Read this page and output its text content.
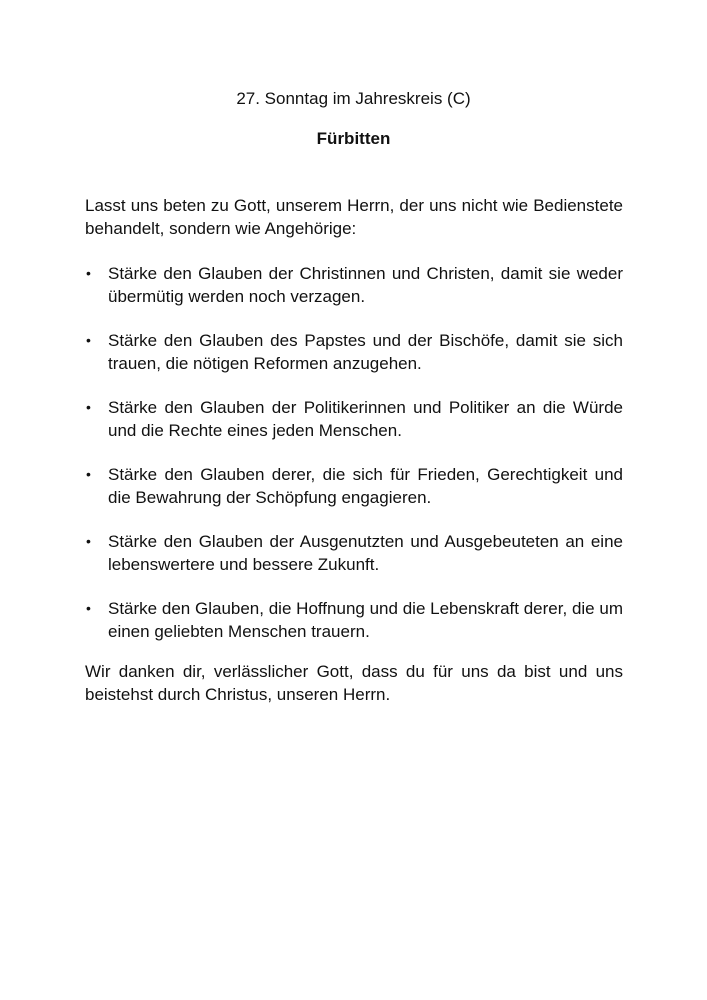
27. Sonntag im Jahreskreis (C)
Fürbitten
Lasst uns beten zu Gott, unserem Herrn, der uns nicht wie Bedienstete behandelt, sondern wie Angehörige:
• Stärke den Glauben der Christinnen und Christen, damit sie weder übermütig werden noch verzagen.
• Stärke den Glauben des Papstes und der Bischöfe, damit sie sich trauen, die nötigen Reformen anzugehen.
• Stärke den Glauben der Politikerinnen und Politiker an die Würde und die Rechte eines jeden Menschen.
• Stärke den Glauben derer, die sich für Frieden, Gerechtigkeit und die Bewahrung der Schöpfung engagieren.
• Stärke den Glauben der Ausgenutzten und Ausgebeuteten an eine lebenswertere und bessere Zukunft.
• Stärke den Glauben, die Hoffnung und die Lebenskraft derer, die um einen geliebten Menschen trauern.
Wir danken dir, verlässlicher Gott, dass du für uns da bist und uns beistehst durch Christus, unseren Herrn.
